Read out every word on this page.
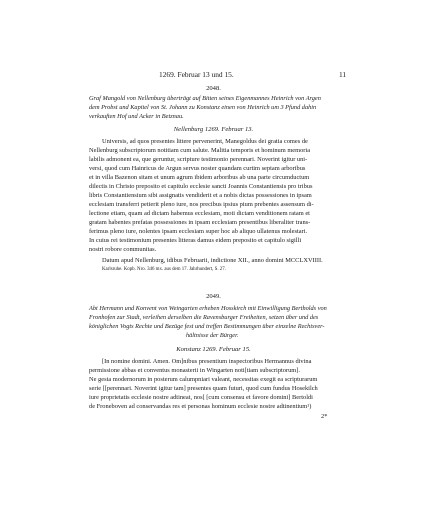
1269. Februar 13 und 15.	11
2048.

Graf Mangold von Nellenburg überträgt auf Bitten seines Eigenmannes Heinrich von Argen

dem Probst und Kapitel von St. Johann zu Konstanz einen von Heinrich um 3 Pfund dahin

verkauften Hof und Acker in Betznau.

Nellenburg 1269. Februar 13.

Universis, ad quos presentes littere pervenerint, Manegoldus dei gratia comes de

Nellenburg subscriptorum notitiam cum salute. Malitia temporis et hominum memoria

labilis admonent ea, que geruntur, scripture testimonio perennari. Noverint igitur uni-

versi, quod cum Hainricus de Argun servus noster quandam curtim septam arboribus

et in villa Bazenon sitam et unum agrum ibidem arboribus ab una parte circumductum

dilectis in Christo preposito et capitulo ecclesie sancti Joannis Constantiensis pro tribus

libris Constantiensium sibi assignatis vendiderit et a nobis dictas possessiones in ipsam

ecclesiam transferri petierit pleno iure, nos precibus ipsius pium prebentes assensum di-

lectione etiam, quam ad dictam habemus ecclesiam, moti dictam venditionem ratam et

gratam habentes prefatas possessiones in ipsam ecclesiam presentibus liberaliter trans-

ferimus pleno iure, nolentes ipsam ecclesiam super hoc ab aliquo ullatenus molestari.

In cuius rei testimonium presentes litteras damus eidem preposito et capitulo sigilli

nostri robore communitas.

Datum apud Nellenburg, idibus Februarii, indictione XII., anno domini MCCLXVIIII.

Karlsruhe. Kopb. Nro. 346 mx. aus dem 17. Jahrhundert, S. 27.

2049.

Abt Hermann und Konvent von Weingarten erheben Hosskirch mit Einwilligung Bertholds von

Fronhofen zur Stadt, verleihen derselben die Ravensburger Freiheiten, setzen über und des

königlichen Vogts Rechte und Bezüge fest und treffen Bestimmungen über einzelne Rechtsver-

hältnisse der Bürger.

Konstanz 1269. Februar 15.

[In nomine domini. Amen. Om]nibus presentium inspectoribus Hermannus divina

permissione abbas et conventus monasterii in Wingarten noti[tiam subscriptorum].

Ne gesta modernorum in posterum calumpniari valeant, necessitas exegit ea scripturarum

serie [[perennari. Noverint igitur tam] presentes quam futuri, quod cum fundus Hosekilch

iure proprietatis ecclesie nostre adtineat, nos[ [cum consensu et favore domini] Bertoldi

de Froneboven ad conservandas res et personas hominum ecclesie nostre adtinentium¹)

2*
